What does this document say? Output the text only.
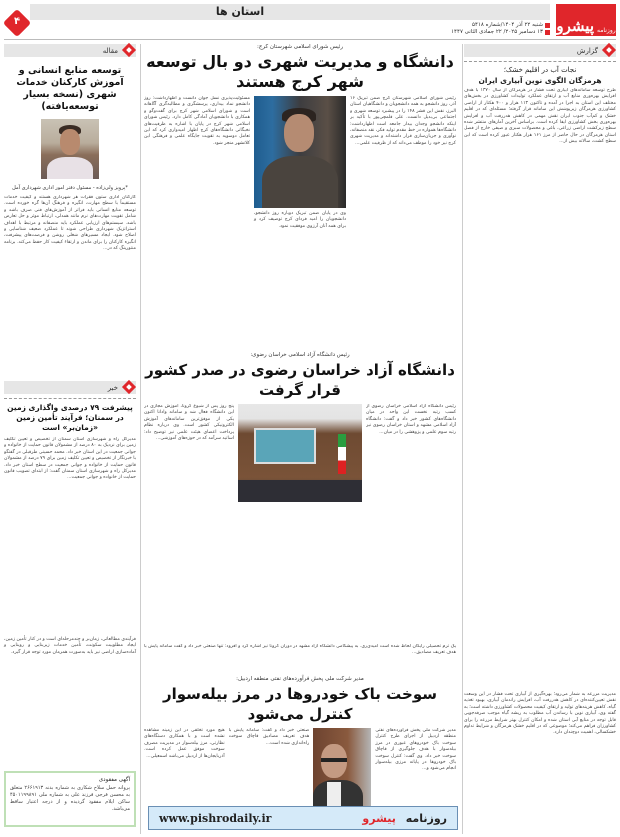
روزنامه
پیشرو
استان ها
شنبه ۲۲ آذر ۱۴۰۴/شماره ۵۴۱۸
۱۳ دسامبر ۲۰۲۵/ ۲۲ جمادی الثانی ۱۴۴۷
۴
گزارش
نجات آب در اقلیم خشک؛
هرمزگان الگوی نوین آبیاری ایران

طرح توسعه سامانه‌های آبیاری تحت فشار در هرمزگان از سال ۱۳۷۰ با هدف افزایش بهره‌وری منابع آب و ارتقای عملکرد تولیدات کشاورزی در بخش‌های مختلف این استان به اجرا در آمده و تاکنون ۱۱۳ هزار و ۴۰۰ هکتار از اراضی کشاورزی هرمزگان زیرپوشش این سامانه قرار گرفته؛ مسئله‌ای که در اقلیم خشک و کم‌آب جنوب ایران نقش مهمی در کاهش هدررفت آب و افزایش بهره‌وری بخش کشاورزی ایفا کرده است. براساس آخرین آمارهای منتشر شده سطح زیرکشت اراضی زراعی، باغی و محصولات سبزی و صیفی خارج از فصل استان هرمزگان در حال حاضر از مرز ۱۶۱ هزار هکتار عبور کرده است که این سطح کشت، سالانه بیش از...

مدیریت مزرعه به شمار می‌رود؛ بهره‌گیری از آبیاری تحت فشار در این وسعت نقش تعیین‌کننده‌ای در کاهش هدررفت آب، افزایش راندمان آبیاری، بهبود تغذیه گیاه، کاهش هزینه‌های تولید و ارتقای کیفیت محصولات کشاورزی داشته است؛ به گفته وی، آبیاری نوین با رساندن آب مطلوب به ریشه گیاه موجب صرفه‌جویی قابل توجه در منابع آبی استان شده و امکان کنترل بهتر شرایط مزرعه را برای کشاورزان فراهم می‌کند؛ موضوعی که در اقلیم خشک هرمزگان و شرایط تداوم خشکسالی، اهمیت دوچندان دارد.

مقاله
توسعه منابع انسانی و آموزش کارکنان خدمات شهری (نسخه بسیار توسعه‌یافته)
*پرویز ولی‌زاده - مسئول دفتر امور اداری شهرداری آمل

کارکنان اداری ستون فقرات هر شهرداری هستند و کیفیت خدمات مستقیماً با سطح مهارت، انگیزه و فرهنگ آن‌ها گره خورده است. توسعه منابع انسانی باید فراتر از آموزش‌های فنی صرف باشد و شامل تقویت مهارت‌های نرم مانند همدلی، ارتباط موثر و حل تعارض باشد. سیستم‌های ارزیابی عملکرد باید منصفانه و مرتبط با اهداف استراتژیک شهرداری طراحی شوند تا عملکرد ضعیف شناسایی و اصلاح شود. ایجاد مسیرهای شغلی روشن و فرصت‌های پیشرفت، انگیزه کارکنان را برای ماندن و ارتقاء کیفیت کار حفظ می‌کند. برنامه منتورینگ که در...

خبر
پیشرفت ۷۹ درصدی واگذاری زمین در سمنان؛ فرآیند تأمین زمین «زمان‌بر» است

مدیرکل راه و شهرسازی استان سمنان از تخصیص و تعیین تکلیف زمین برای نزدیک به ۸۰ درصد از مشمولان قانون حمایت از خانواده و جوانی جمعیت در این استان خبر داد. محمد حسینی طرقبلی در گفتگو با خبرنگار از تخصیص و تعیین تکلیف زمین برای ۷۹ درصد از مشمولان قانون حمایت از خانواده و جوانی جمعیت در سطح استان خبر داد. مدیرکل راه و شهرسازی استان سمنان گفت: از ابتدای تصویب قانون حمایت از خانواده و جوانی جمعیت...

فرآیندی مطالعاتی، زمان‌بر و چندمرحله‌ای است و در کنار تأمین زمین، ایجاد مطلوبیت سکونت، تأمین خدمات زیربنایی و روبنایی و آماده‌سازی اراضی نیز باید به‌صورت همزمان مورد توجه قرار گیرد.

آگهی مفقودی

پروانه حمل سلاح شکاری به شماره بدنه ۲۶۶۱۹۱۳ متعلق به محسن فرجی فرزند علی به شماره ملی ۴۵۰۱۱۹۹۸۹۱ ساکن ایلام مفقود گردیده و از درجه اعتبار ساقط می‌باشد.

رئیس شورای اسلامی شهرستان کرج:
دانشگاه و مدیریت شهری دو بال توسعه شهر کرج هستند

رئیس شورای اسلامی شهرستان کرج ضمن تبریک ۱۶ آذر، روز دانشجو به همه دانشجویان و دانشگاهیان استان البرز، نقش این قشر ۱۴۸ را در پیشبرد توسعه شهری و اجتماعی بی‌بدیل دانست. علی قلمچی‌پور با تأکید بر اینکه دانشجو وجدان بیدار جامعه است اظهارداشت: دانشگاه‌ها همواره در خط مقدم تولید فکر، نقد منصفانه، نوآوری و جریان‌سازی قرار داشته‌اند و مدیریت شهری کرج نیز خود را موظف می‌داند که از ظرفیت علمی...

وی در پایان ضمن تبریک دوباره روز دانشجو، دانشجویان را امید فردای کرج توصیف کرد و برای همه آنان آرزوی موفقیت نمود.

مسئولیت‌پذیری نسل جوان دانست و اظهارداشت: روز دانشجو نماد بیداری، پرسشگری و مطالبه‌گری آگاهانه است و شورای اسلامی شهر کرج برای گفت‌وگو و همکاری با دانشجویان آمادگی کامل دارد. رئیس شورای اسلامی شهر کرج در پایان با اشاره به ظرفیت‌های نخبگانی دانشگاه‌های کرج اظهار امیدواری کرد که این تعامل دوسویه به تقویت جایگاه علمی و فرهنگی این کلانشهر منجر شود.

رئیس دانشگاه آزاد اسلامی خراسان رضوی:
دانشگاه آزاد خراسان رضوی در صدر کشور قرار گرفت

رئیس دانشگاه آزاد اسلامی خراسان رضوی از کسب رتبه نخست این واحد در میان دانشگاه‌های کشور خبر داد و گفت: دانشگاه آزاد اسلامی مشهد و استان خراسان رضوی نیز رتبه سوم علمی و پژوهشی را در میان...

پنج روز پس از شیوع کرونا، آموزش مجازی در این دانشگاه فعال شد و سامانه وادانا اکنون یکی از موفق‌ترین سامانه‌های آموزش الکترونیکی کشور است. وی درباره نظام پرداخت اعضای هیئت علمی نیز توضیح داد: اساتید سرآمد که در حوزه‌های آموزشی...

یک ترم تحصیلی رایگان لحاظ شده است امیدی‌ری. به پیشگامی دانشگاه آزاد مشهد در دوران کرونا نیز اشاره کرد و افزود: تنها صنعتی خبر داد و گفت سامانه پایش با هدف تعریف مصادیق...

مدیر شرکت ملی پخش فرآورده‌های نفتی منطقه اردبیل:
سوخت باک خودروها در مرز بیله‌سوار کنترل می‌شود

مدیر شرکت ملی پخش فرآورده‌های نفتی منطقه اردبیل از اجرای طرح کنترل سوخت باک خودروهای عبوری در مرز بیله‌سوار با هدف جلوگیری از قاچاق سوخت خبر داد. وی گفت: کنترل سوخت باک خودروها در پایانه مرزی بیله‌سوار انجام می‌شود و...

صنعتی خبر داد و گفت: سامانه پایش با هدف تعریف مصادیق قاچاق سوخت راه‌اندازی شده است...

هیچ مورد تخلفی در این زمینه مشاهده نشده است و با همکاری دستگاه‌های نظارتی، مرز بیله‌سوار در مدیریت مصرف سوخت موفق عمل کرده است. آذربایجان‌ها از اردبیل می‌باشد اسمعیلی...

www.pishrodaily.ir	روزنامه پیشرو
